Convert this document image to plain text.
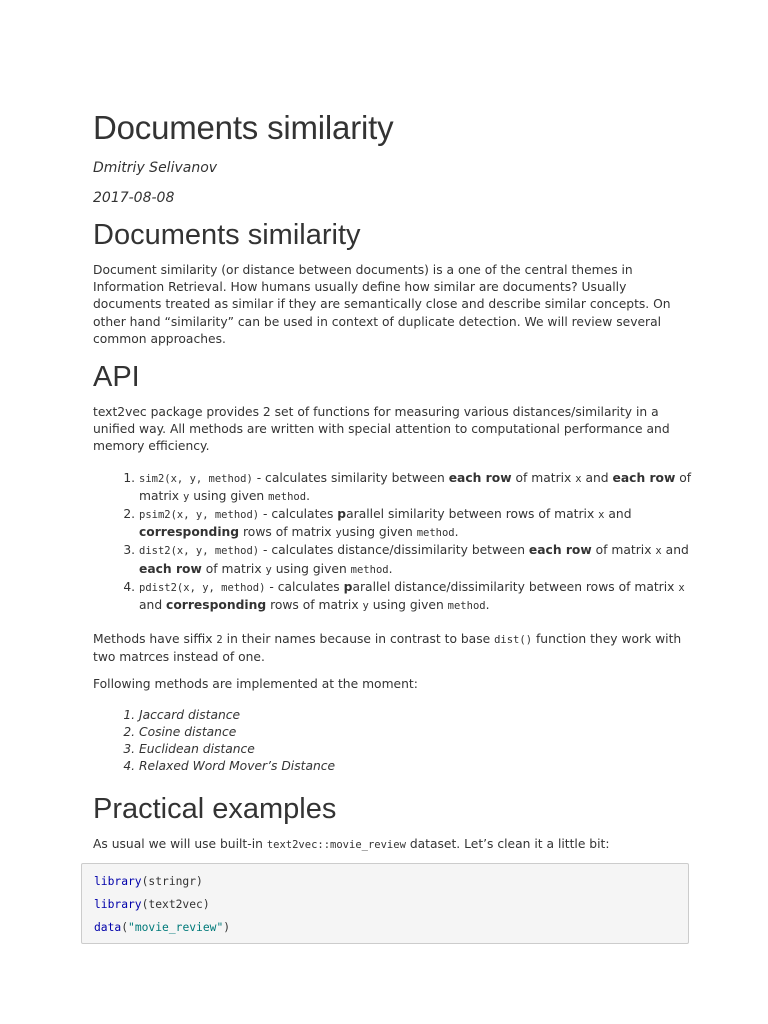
Documents similarity
Dmitriy Selivanov
2017-08-08
Documents similarity

Document similarity (or distance between documents) is a one of the central themes in Information Retrieval. How humans usually define how similar are documents? Usually documents treated as similar if they are semantically close and describe similar concepts. On other hand “similarity” can be used in context of duplicate detection. We will review several common approaches.

API

text2vec package provides 2 set of functions for measuring various distances/similarity in a unified way. All methods are written with special attention to computational performance and memory efficiency.

1. sim2(x, y, method) - calculates similarity between each row of matrix x and each row of matrix y using given method.
2. psim2(x, y, method) - calculates parallel similarity between rows of matrix x and corresponding rows of matrix yusing given method.
3. dist2(x, y, method) - calculates distance/dissimilarity between each row of matrix x and each row of matrix y using given method.
4. pdist2(x, y, method) - calculates parallel distance/dissimilarity between rows of matrix x and corresponding rows of matrix y using given method.

Methods have siffix 2 in their names because in contrast to base dist() function they work with two matrces instead of one.

Following methods are implemented at the moment:

1. Jaccard distance
2. Cosine distance
3. Euclidean distance
4. Relaxed Word Mover’s Distance
Practical examples

As usual we will use built-in text2vec::movie_review dataset. Let’s clean it a little bit:

library(stringr)
library(text2vec)
data("movie_review")
